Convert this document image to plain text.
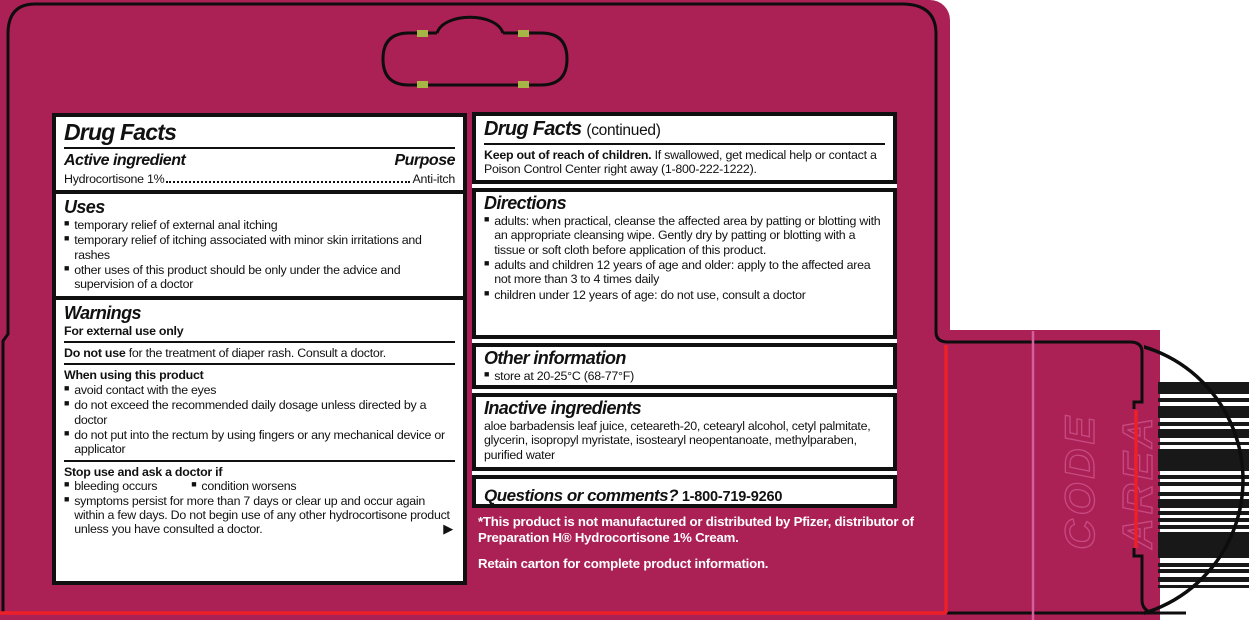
CODE AREA
Drug Facts
Active ingredient	Purpose
Hydrocortisone 1%	Anti-itch
Uses
■ temporary relief of external anal itching
■ temporary relief of itching associated with minor skin irritations and rashes
■ other uses of this product should be only under the advice and supervision of a doctor
Warnings
For external use only
Do not use for the treatment of diaper rash. Consult a doctor.
When using this product
■ avoid contact with the eyes
■ do not exceed the recommended daily dosage unless directed by a doctor
■ do not put into the rectum by using fingers or any mechanical device or applicator
Stop use and ask a doctor if
■ bleeding occurs	■ condition worsens
■ symptoms persist for more than 7 days or clear up and occur again within a few days. Do not begin use of any other hydrocortisone product unless you have consulted a doctor.	▶
Drug Facts (continued)
Keep out of reach of children. If swallowed, get medical help or contact a Poison Control Center right away (1-800-222-1222).
Directions
■ adults: when practical, cleanse the affected area by patting or blotting with an appropriate cleansing wipe. Gently dry by patting or blotting with a tissue or soft cloth before application of this product.
■ adults and children 12 years of age and older: apply to the affected area not more than 3 to 4 times daily
■ children under 12 years of age: do not use, consult a doctor
Other information
■ store at 20-25°C (68-77°F)
Inactive ingredients
aloe barbadensis leaf juice, ceteareth-20, cetearyl alcohol, cetyl palmitate, glycerin, isopropyl myristate, isostearyl neopentanoate, methylparaben, purified water
Questions or comments? 1-800-719-9260

*This product is not manufactured or distributed by Pfizer, distributor of Preparation H® Hydrocortisone 1% Cream.

Retain carton for complete product information.
